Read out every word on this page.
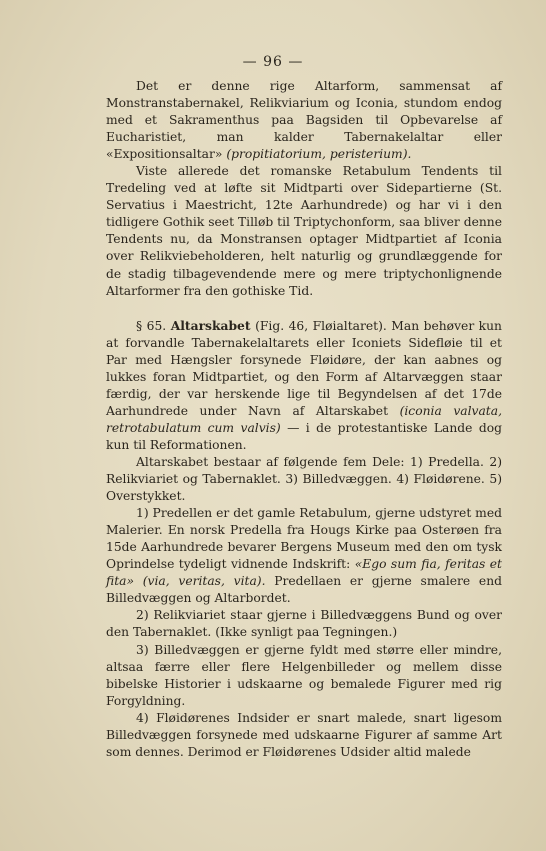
— 96 —

Det er denne rige Altarform, sammensat af Monstranstabernakel, Relikviarium og Iconia, stundom endog med et Sakramenthus paa Bagsiden til Opbevarelse af Eucharistiet, man kalder Tabernakelaltar eller «Expositionsaltar» (propitiatorium, peristerium).

Viste allerede det romanske Retabulum Tendents til Tredeling ved at løfte sit Midtparti over Sidepartierne (St. Servatius i Maestricht, 12te Aarhundrede) og har vi i den tidligere Gothik seet Tilløb til Triptychonform, saa bliver denne Tendents nu, da Monstransen optager Midtpartiet af Iconia over Relikviebeholderen, helt naturlig og grundlæggende for de stadig tilbagevendende mere og mere triptychonlignende Altarformer fra den gothiske Tid.

§ 65. Altarskabet (Fig. 46, Fløialtaret). Man behøver kun at forvandle Tabernakelaltarets eller Iconiets Sidefløie til et Par med Hængsler forsynede Fløidøre, der kan aabnes og lukkes foran Midtpartiet, og den Form af Altarvæggen staar færdig, der var herskende lige til Begyndelsen af det 17de Aarhundrede under Navn af Altarskabet (iconia valvata, retrotabulatum cum valvis) — i de protestantiske Lande dog kun til Reformationen.

Altarskabet bestaar af følgende fem Dele: 1) Predella. 2) Relikviariet og Tabernaklet. 3) Billedvæggen. 4) Fløidørene. 5) Overstykket.

1) Predellen er det gamle Retabulum, gjerne udstyret med Malerier. En norsk Predella fra Hougs Kirke paa Osterøen fra 15de Aarhundrede bevarer Bergens Museum med den om tysk Oprindelse tydeligt vidnende Indskrift: «Ego sum fia, feritas et fita» (via, veritas, vita). Predellaen er gjerne smalere end Billedvæggen og Altarbordet.

2) Relikviariet staar gjerne i Billedvæggens Bund og over den Tabernaklet. (Ikke synligt paa Tegningen.)

3) Billedvæggen er gjerne fyldt med større eller mindre, altsaa færre eller flere Helgenbilleder og mellem disse bibelske Historier i udskaarne og bemalede Figurer med rig Forgyldning.

4) Fløidørenes Indsider er snart malede, snart ligesom Billedvæggen forsynede med udskaarne Figurer af samme Art som dennes. Derimod er Fløidørenes Udsider altid malede
